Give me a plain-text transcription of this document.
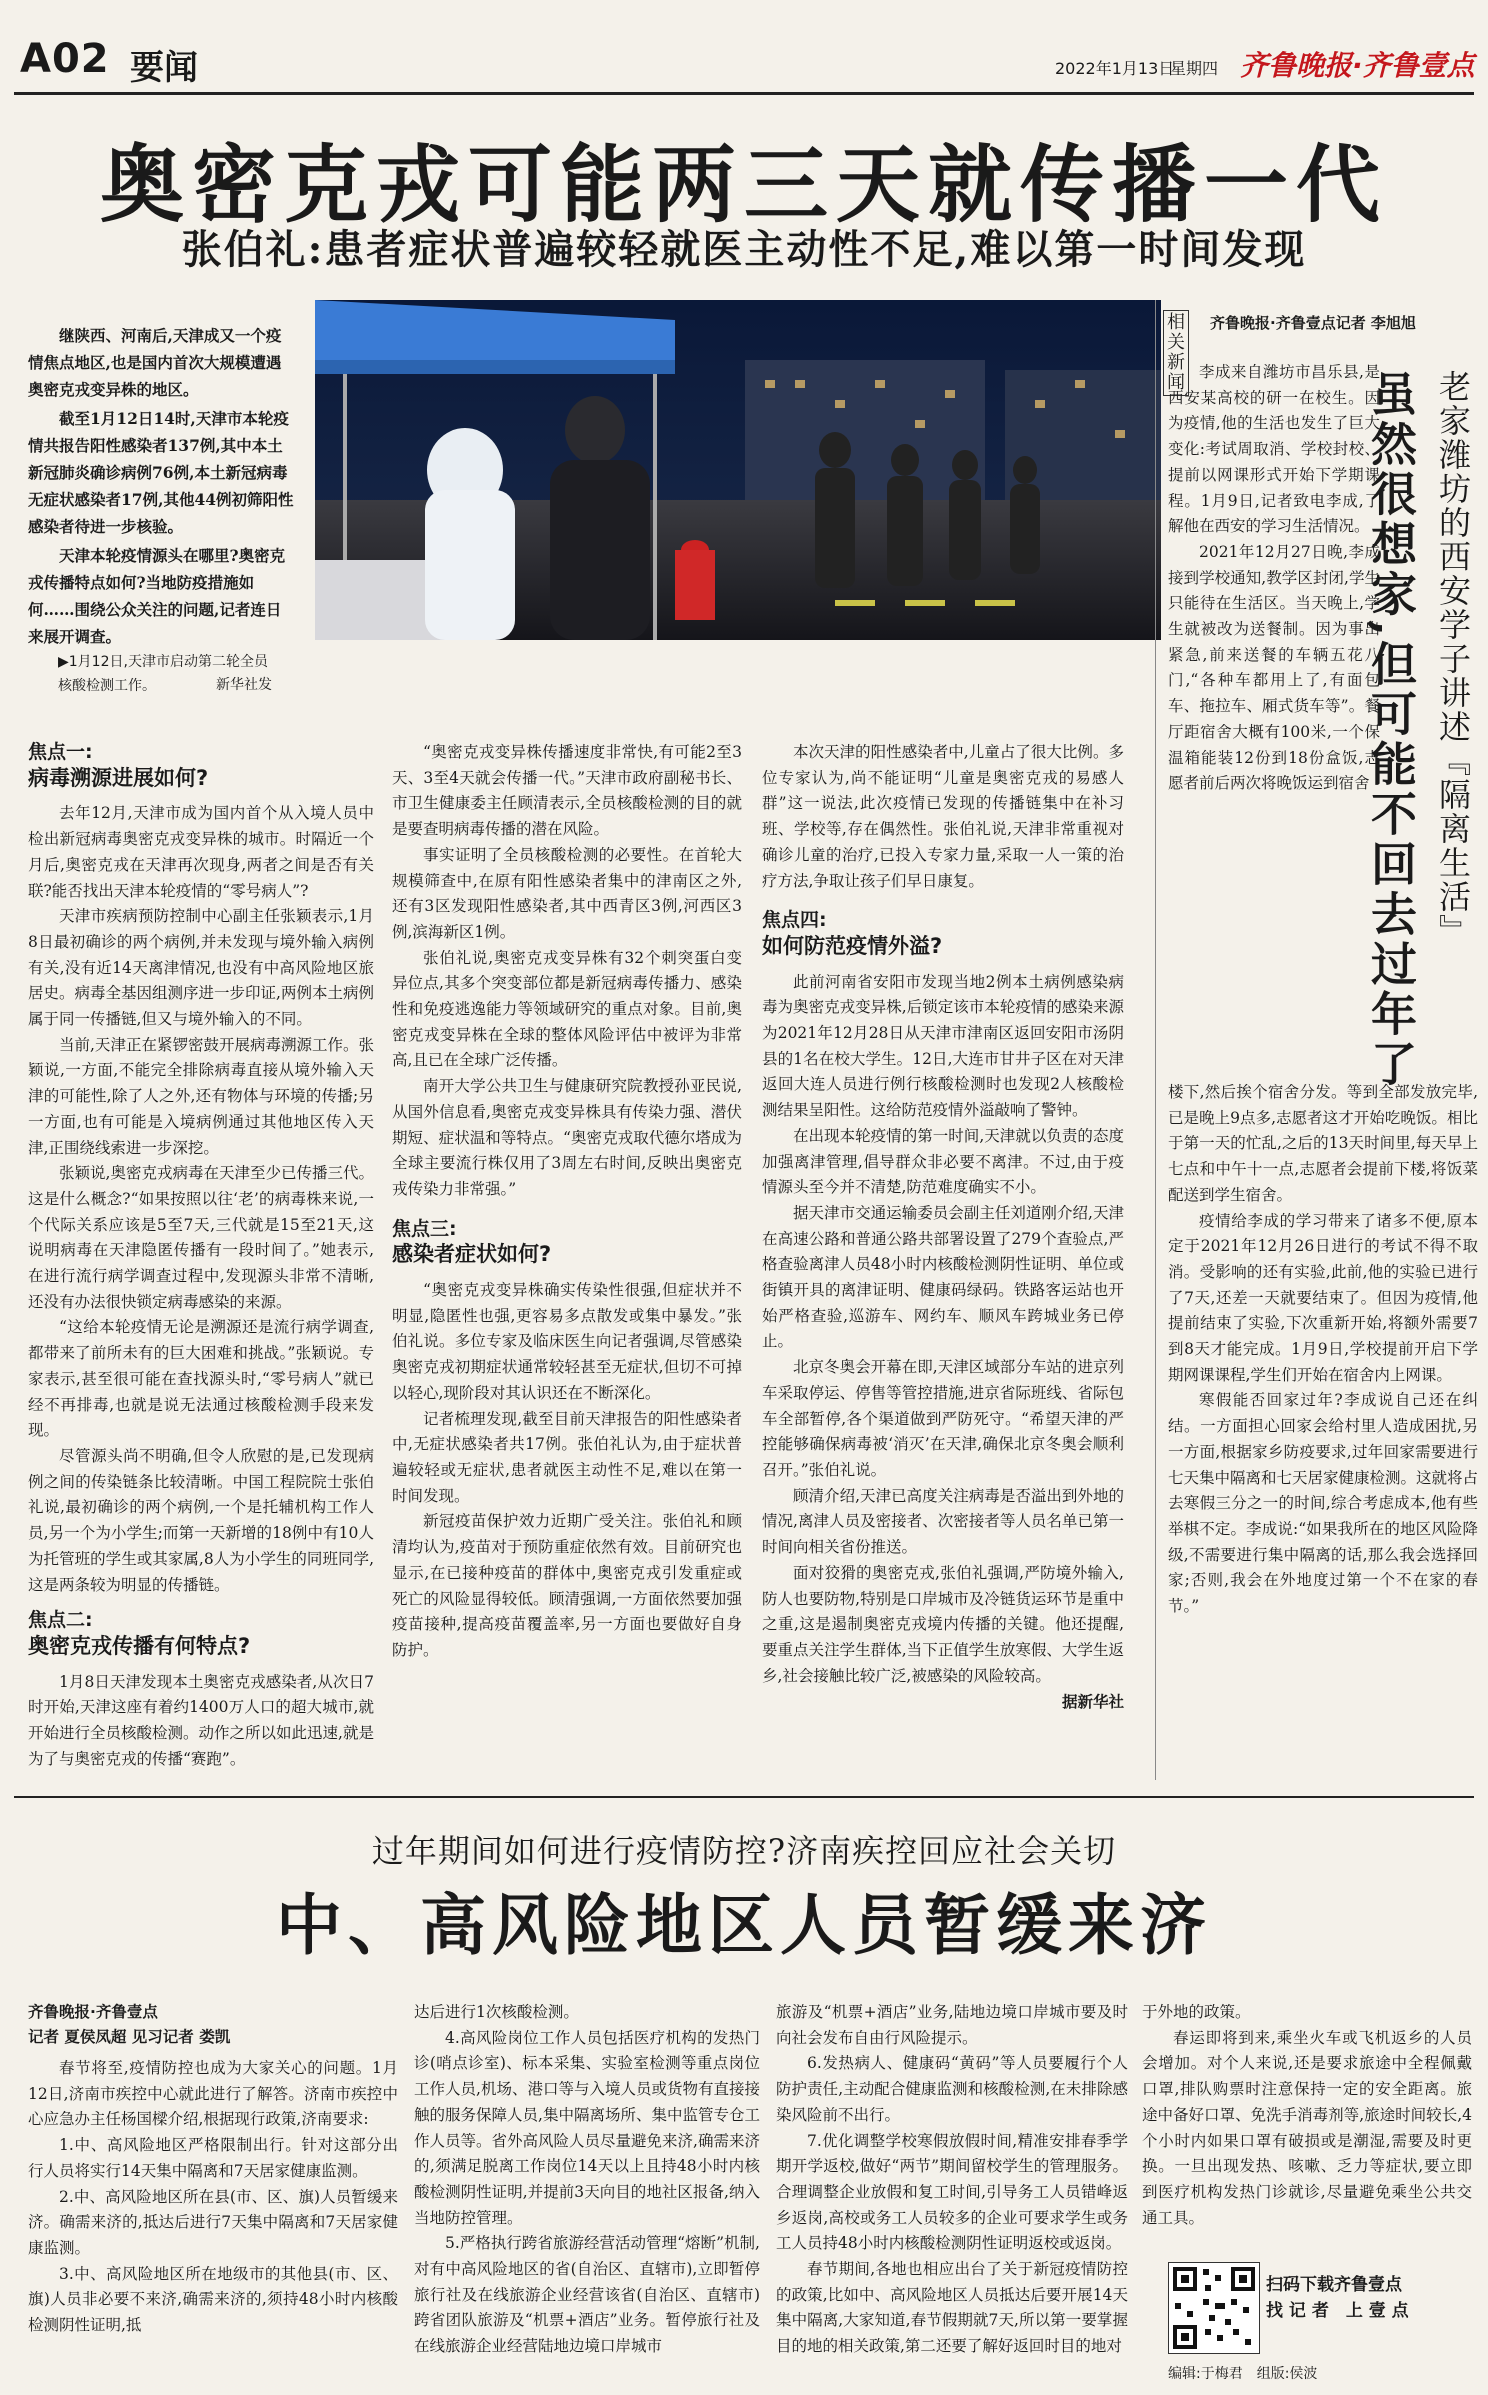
A02 要闻	2022年1月13日
星期四 齐鲁晚报·齐鲁壹点
奥密克戎可能两三天就传播一代
张伯礼:患者症状普遍较轻就医主动性不足,难以第一时间发现

继陕西、河南后,天津成又一个疫情焦点地区,也是国内首次大规模遭遇奥密克戎变异株的地区。

截至1月12日14时,天津市本轮疫情共报告阳性感染者137例,其中本土新冠肺炎确诊病例76例,本土新冠病毒无症状感染者17例,其他44例初筛阳性感染者待进一步核验。

天津本轮疫情源头在哪里?奥密克戎传播特点如何?当地防疫措施如何……围绕公众关注的问题,记者连日来展开调查。

▶1月12日,天津市启动第二轮全员核酸检测工作。	新华社发
焦点一:
病毒溯源进展如何?

去年12月,天津市成为国内首个从入境人员中检出新冠病毒奥密克戎变异株的城市。时隔近一个月后,奥密克戎在天津再次现身,两者之间是否有关联?能否找出天津本轮疫情的“零号病人”?

天津市疾病预防控制中心副主任张颖表示,1月8日最初确诊的两个病例,并未发现与境外输入病例有关,没有近14天离津情况,也没有中高风险地区旅居史。病毒全基因组测序进一步印证,两例本土病例属于同一传播链,但又与境外输入的不同。

当前,天津正在紧锣密鼓开展病毒溯源工作。张颖说,一方面,不能完全排除病毒直接从境外输入天津的可能性,除了人之外,还有物体与环境的传播;另一方面,也有可能是入境病例通过其他地区传入天津,正围绕线索进一步深挖。

张颖说,奥密克戎病毒在天津至少已传播三代。这是什么概念?“如果按照以往‘老’的病毒株来说,一个代际关系应该是5至7天,三代就是15至21天,这说明病毒在天津隐匿传播有一段时间了。”她表示,在进行流行病学调查过程中,发现源头非常不清晰,还没有办法很快锁定病毒感染的来源。

“这给本轮疫情无论是溯源还是流行病学调查,都带来了前所未有的巨大困难和挑战。”张颖说。专家表示,甚至很可能在查找源头时,“零号病人”就已经不再排毒,也就是说无法通过核酸检测手段来发现。

尽管源头尚不明确,但令人欣慰的是,已发现病例之间的传染链条比较清晰。中国工程院院士张伯礼说,最初确诊的两个病例,一个是托辅机构工作人员,另一个为小学生;而第一天新增的18例中有10人为托管班的学生或其家属,8人为小学生的同班同学,这是两条较为明显的传播链。

焦点二:
奥密克戎传播有何特点?

1月8日天津发现本土奥密克戎感染者,从次日7时开始,天津这座有着约1400万人口的超大城市,就开始进行全员核酸检测。动作之所以如此迅速,就是为了与奥密克戎的传播“赛跑”。

“奥密克戎变异株传播速度非常快,有可能2至3天、3至4天就会传播一代。”天津市政府副秘书长、市卫生健康委主任顾清表示,全员核酸检测的目的就是要查明病毒传播的潜在风险。

事实证明了全员核酸检测的必要性。在首轮大规模筛查中,在原有阳性感染者集中的津南区之外,还有3区发现阳性感染者,其中西青区3例,河西区3例,滨海新区1例。

张伯礼说,奥密克戎变异株有32个刺突蛋白变异位点,其多个突变部位都是新冠病毒传播力、感染性和免疫逃逸能力等领域研究的重点对象。目前,奥密克戎变异株在全球的整体风险评估中被评为非常高,且已在全球广泛传播。

南开大学公共卫生与健康研究院教授孙亚民说,从国外信息看,奥密克戎变异株具有传染力强、潜伏期短、症状温和等特点。“奥密克戎取代德尔塔成为全球主要流行株仅用了3周左右时间,反映出奥密克戎传染力非常强。”

焦点三:
感染者症状如何?

“奥密克戎变异株确实传染性很强,但症状并不明显,隐匿性也强,更容易多点散发或集中暴发。”张伯礼说。多位专家及临床医生向记者强调,尽管感染奥密克戎初期症状通常较轻甚至无症状,但切不可掉以轻心,现阶段对其认识还在不断深化。

记者梳理发现,截至目前天津报告的阳性感染者中,无症状感染者共17例。张伯礼认为,由于症状普遍较轻或无症状,患者就医主动性不足,难以在第一时间发现。

新冠疫苗保护效力近期广受关注。张伯礼和顾清均认为,疫苗对于预防重症依然有效。目前研究也显示,在已接种疫苗的群体中,奥密克戎引发重症或死亡的风险显得较低。顾清强调,一方面依然要加强疫苗接种,提高疫苗覆盖率,另一方面也要做好自身防护。

本次天津的阳性感染者中,儿童占了很大比例。多位专家认为,尚不能证明“儿童是奥密克戎的易感人群”这一说法,此次疫情已发现的传播链集中在补习班、学校等,存在偶然性。张伯礼说,天津非常重视对确诊儿童的治疗,已投入专家力量,采取一人一策的治疗方法,争取让孩子们早日康复。

焦点四:
如何防范疫情外溢?

此前河南省安阳市发现当地2例本土病例感染病毒为奥密克戎变异株,后锁定该市本轮疫情的感染来源为2021年12月28日从天津市津南区返回安阳市汤阴县的1名在校大学生。12日,大连市甘井子区在对天津返回大连人员进行例行核酸检测时也发现2人核酸检测结果呈阳性。这给防范疫情外溢敲响了警钟。

在出现本轮疫情的第一时间,天津就以负责的态度加强离津管理,倡导群众非必要不离津。不过,由于疫情源头至今并不清楚,防范难度确实不小。

据天津市交通运输委员会副主任刘道刚介绍,天津在高速公路和普通公路共部署设置了279个查验点,严格查验离津人员48小时内核酸检测阴性证明、单位或街镇开具的离津证明、健康码绿码。铁路客运站也开始严格查验,巡游车、网约车、顺风车跨城业务已停止。

北京冬奥会开幕在即,天津区域部分车站的进京列车采取停运、停售等管控措施,进京省际班线、省际包车全部暂停,各个渠道做到严防死守。“希望天津的严控能够确保病毒被‘消灭’在天津,确保北京冬奥会顺利召开。”张伯礼说。

顾清介绍,天津已高度关注病毒是否溢出到外地的情况,离津人员及密接者、次密接者等人员名单已第一时间向相关省份推送。

面对狡猾的奥密克戎,张伯礼强调,严防境外输入,防人也要防物,特别是口岸城市及冷链货运环节是重中之重,这是遏制奥密克戎境内传播的关键。他还提醒,要重点关注学生群体,当下正值学生放寒假、大学生返乡,社会接触比较广泛,被感染的风险较高。

据新华社
相关新闻
齐鲁晚报·齐鲁壹点记者 李旭旭
老家潍坊的西安学子讲述『隔离生活』
虽然很想家,但可能不回去过年了

李成来自潍坊市昌乐县,是西安某高校的研一在校生。因为疫情,他的生活也发生了巨大变化:考试周取消、学校封校、提前以网课形式开始下学期课程。1月9日,记者致电李成,了解他在西安的学习生活情况。

2021年12月27日晚,李成接到学校通知,教学区封闭,学生只能待在生活区。当天晚上,学生就被改为送餐制。因为事出紧急,前来送餐的车辆五花八门,“各种车都用上了,有面包车、拖拉车、厢式货车等”。餐厅距宿舍大概有100米,一个保温箱能装12份到18份盒饭,志愿者前后两次将晚饭运到宿舍

楼下,然后挨个宿舍分发。等到全部发放完毕,已是晚上9点多,志愿者这才开始吃晚饭。相比于第一天的忙乱,之后的13天时间里,每天早上七点和中午十一点,志愿者会提前下楼,将饭菜配送到学生宿舍。

疫情给李成的学习带来了诸多不便,原本定于2021年12月26日进行的考试不得不取消。受影响的还有实验,此前,他的实验已进行了7天,还差一天就要结束了。但因为疫情,他提前结束了实验,下次重新开始,将额外需要7到8天才能完成。1月9日,学校提前开启下学期网课课程,学生们开始在宿舍内上网课。

寒假能否回家过年?李成说自己还在纠结。一方面担心回家会给村里人造成困扰,另一方面,根据家乡防疫要求,过年回家需要进行七天集中隔离和七天居家健康检测。这就将占去寒假三分之一的时间,综合考虑成本,他有些举棋不定。李成说:“如果我所在的地区风险降级,不需要进行集中隔离的话,那么我会选择回家;否则,我会在外地度过第一个不在家的春节。”

过年期间如何进行疫情防控?济南疾控回应社会关切
中、高风险地区人员暂缓来济
齐鲁晚报·齐鲁壹点
记者 夏侯凤超 见习记者 娄凯

春节将至,疫情防控也成为大家关心的问题。1月12日,济南市疾控中心就此进行了解答。济南市疾控中心应急办主任杨国樑介绍,根据现行政策,济南要求:

1.中、高风险地区严格限制出行。针对这部分出行人员将实行14天集中隔离和7天居家健康监测。

2.中、高风险地区所在县(市、区、旗)人员暂缓来济。确需来济的,抵达后进行7天集中隔离和7天居家健康监测。

3.中、高风险地区所在地级市的其他县(市、区、旗)人员非必要不来济,确需来济的,须持48小时内核酸检测阴性证明,抵

达后进行1次核酸检测。

4.高风险岗位工作人员包括医疗机构的发热门诊(哨点诊室)、标本采集、实验室检测等重点岗位工作人员,机场、港口等与入境人员或货物有直接接触的服务保障人员,集中隔离场所、集中监管专仓工作人员等。省外高风险人员尽量避免来济,确需来济的,须满足脱离工作岗位14天以上且持48小时内核酸检测阴性证明,并提前3天向目的地社区报备,纳入当地防控管理。

5.严格执行跨省旅游经营活动管理“熔断”机制,对有中高风险地区的省(自治区、直辖市),立即暂停旅行社及在线旅游企业经营该省(自治区、直辖市)跨省团队旅游及“机票+酒店”业务。暂停旅行社及在线旅游企业经营陆地边境口岸城市

旅游及“机票+酒店”业务,陆地边境口岸城市要及时向社会发布自由行风险提示。

6.发热病人、健康码“黄码”等人员要履行个人防护责任,主动配合健康监测和核酸检测,在未排除感染风险前不出行。

7.优化调整学校寒假放假时间,精准安排春季学期开学返校,做好“两节”期间留校学生的管理服务。合理调整企业放假和复工时间,引导务工人员错峰返乡返岗,高校或务工人员较多的企业可要求学生或务工人员持48小时内核酸检测阴性证明返校或返岗。

春节期间,各地也相应出台了关于新冠疫情防控的政策,比如中、高风险地区人员抵达后要开展14天集中隔离,大家知道,春节假期就7天,所以第一要掌握目的地的相关政策,第二还要了解好返回时目的地对

于外地的政策。

春运即将到来,乘坐火车或飞机返乡的人员会增加。对个人来说,还是要求旅途中全程佩戴口罩,排队购票时注意保持一定的安全距离。旅途中备好口罩、免洗手消毒剂等,旅途时间较长,4个小时内如果口罩有破损或是潮湿,需要及时更换。一旦出现发热、咳嗽、乏力等症状,要立即到医疗机构发热门诊就诊,尽量避免乘坐公共交通工具。

扫码下载齐鲁壹点
找 记 者　上 壹 点
编辑:于梅君　组版:侯波
